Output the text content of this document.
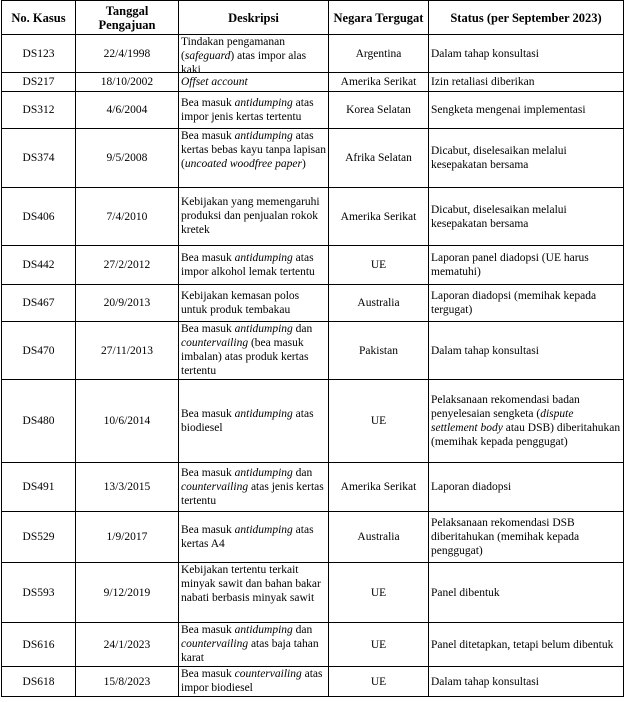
No. Kasus	Tanggal Pengajuan	Deskripsi	Negara Tergugat	Status (per September 2023)
DS123	22/4/1998	Tindakan pengamanan (safeguard) atas impor alas kaki	Argentina	Dalam tahap konsultasi
DS217	18/10/2002	Offset account	Amerika Serikat	Izin retaliasi diberikan
DS312	4/6/2004	Bea masuk antidumping atas impor jenis kertas tertentu	Korea Selatan	Sengketa mengenai implementasi
DS374	9/5/2008	Bea masuk antidumping atas kertas bebas kayu tanpa lapisan (uncoated woodfree paper)	Afrika Selatan	Dicabut, diselesaikan melalui kesepakatan bersama
DS406	7/4/2010	Kebijakan yang memengaruhi produksi dan penjualan rokok kretek	Amerika Serikat	Dicabut, diselesaikan melalui kesepakatan bersama
DS442	27/2/2012	Bea masuk antidumping atas impor alkohol lemak tertentu	UE	Laporan panel diadopsi (UE harus mematuhi)
DS467	20/9/2013	Kebijakan kemasan polos untuk produk tembakau	Australia	Laporan diadopsi (memihak kepada tergugat)
DS470	27/11/2013	Bea masuk antidumping dan countervailing (bea masuk imbalan) atas produk kertas tertentu	Pakistan	Dalam tahap konsultasi
DS480	10/6/2014	Bea masuk antidumping atas biodiesel	UE	Pelaksanaan rekomendasi badan penyelesaian sengketa (dispute settlement body atau DSB) diberitahukan (memihak kepada penggugat)
DS491	13/3/2015	Bea masuk antidumping dan countervailing atas jenis kertas tertentu	Amerika Serikat	Laporan diadopsi
DS529	1/9/2017	Bea masuk antidumping atas kertas A4	Australia	Pelaksanaan rekomendasi DSB diberitahukan (memihak kepada penggugat)
DS593	9/12/2019	Kebijakan tertentu terkait minyak sawit dan bahan bakar nabati berbasis minyak sawit	UE	Panel dibentuk
DS616	24/1/2023	Bea masuk antidumping dan countervailing atas baja tahan karat	UE	Panel ditetapkan, tetapi belum dibentuk
DS618	15/8/2023	Bea masuk countervailing atas impor biodiesel	UE	Dalam tahap konsultasi
